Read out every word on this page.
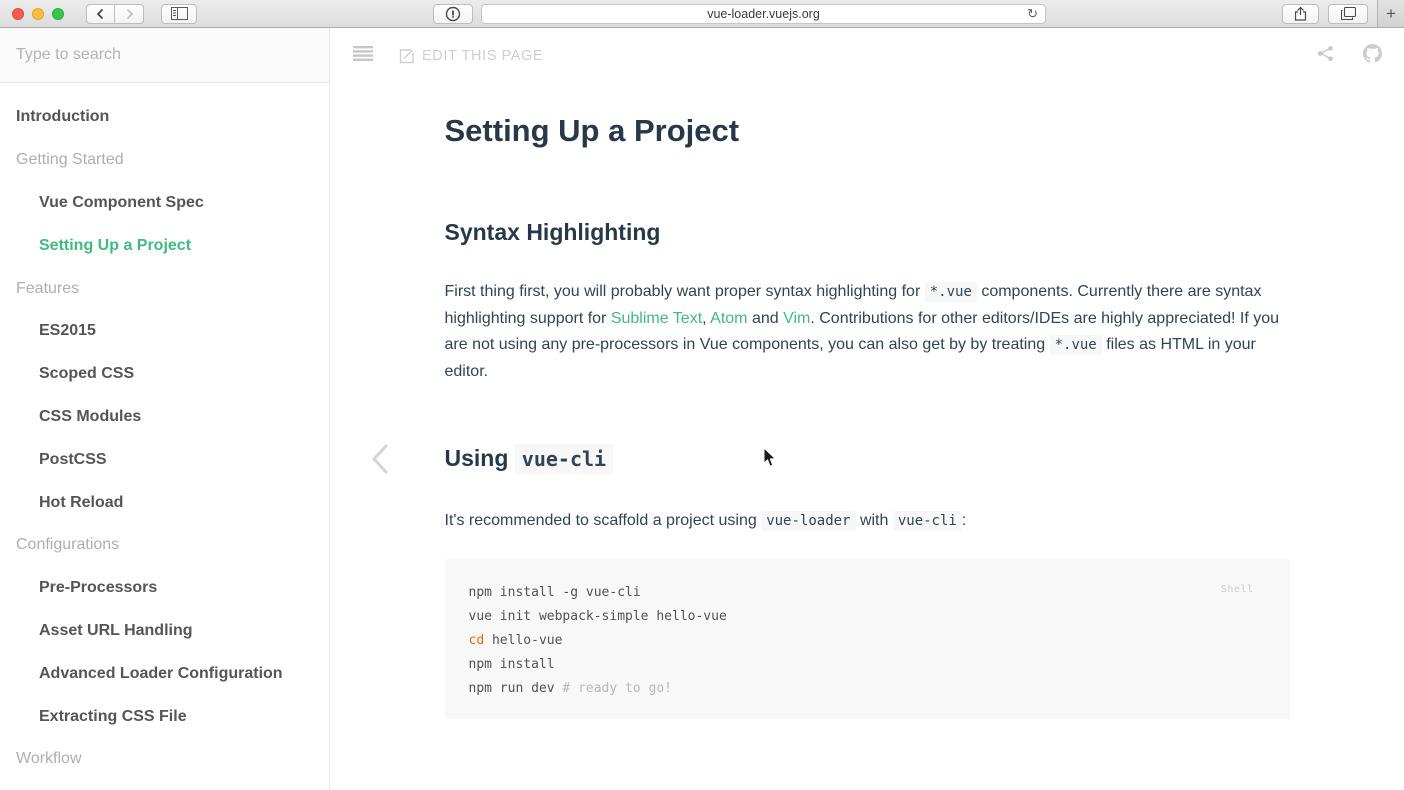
vue-loader.vuejs.org	↻	+
Type to search
Introduction
Getting Started
Vue Component Spec
Setting Up a Project
Features
ES2015
Scoped CSS
CSS Modules
PostCSS
Hot Reload
Configurations
Pre-Processors
Asset URL Handling
Advanced Loader Configuration
Extracting CSS File
Workflow
EDIT THIS PAGE
Setting Up a Project
Syntax Highlighting

First thing first, you will probably want proper syntax highlighting for *.vue components. Currently there are syntax highlighting support for Sublime Text, Atom and Vim. Contributions for other editors/IDEs are highly appreciated! If you are not using any pre-processors in Vue components, you can also get by by treating *.vue files as HTML in your editor.

Using vue-cli

It's recommended to scaffold a project using vue-loader with vue-cli :

Shell
npm install -g vue-cli
vue init webpack-simple hello-vue
cd hello-vue
npm install
npm run dev # ready to go!
